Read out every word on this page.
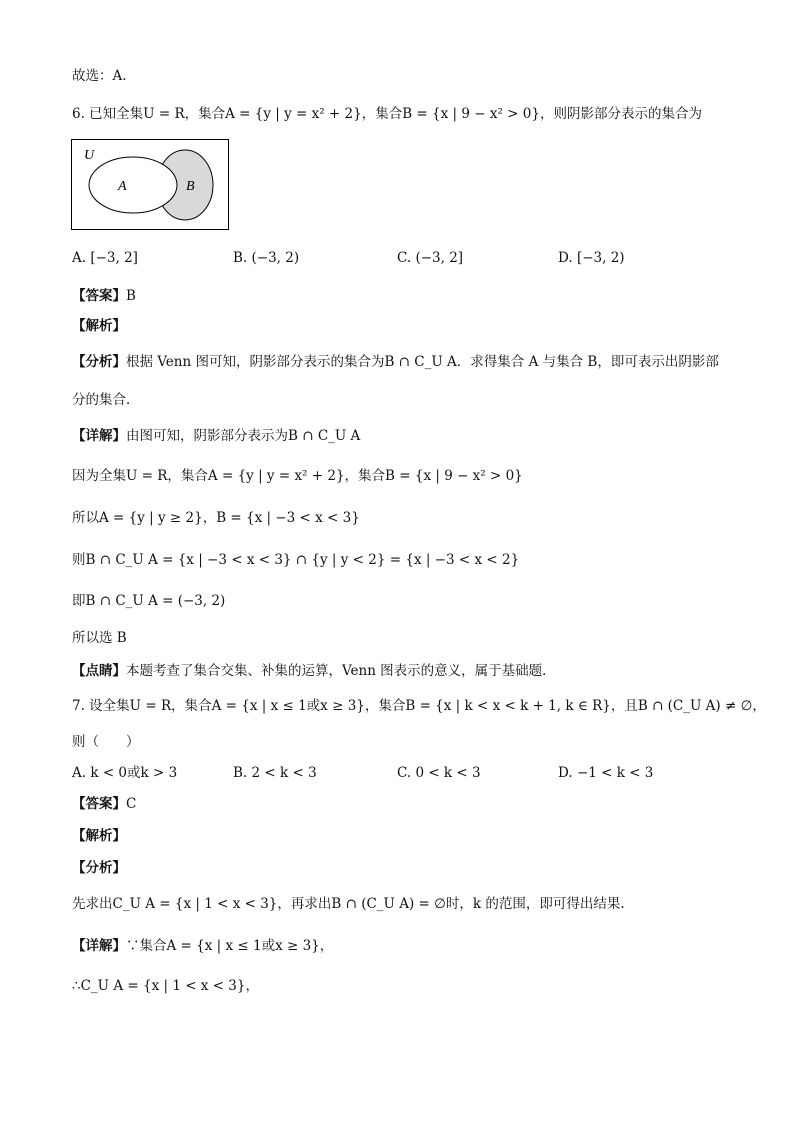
故选：A.
6. 已知全集U = R，集合A = {y | y = x² + 2}，集合B = {x | 9 − x² > 0}，则阴影部分表示的集合为
U
A	B
A. [−3, 2]	B. (−3, 2)	C. (−3, 2]	D. [−3, 2)
【答案】B
【解析】
【分析】根据 Venn 图可知，阴影部分表示的集合为B ∩ C_U A．求得集合 A 与集合 B，即可表示出阴影部
分的集合．
【详解】由图可知，阴影部分表示为B ∩ C_U A
因为全集U = R，集合A = {y | y = x² + 2}，集合B = {x | 9 − x² > 0}
所以A = {y | y ≥ 2}，B = {x | −3 < x < 3}
则B ∩ C_U A = {x | −3 < x < 3} ∩ {y | y < 2} = {x | −3 < x < 2}
即B ∩ C_U A = (−3, 2)
所以选 B
【点睛】本题考查了集合交集、补集的运算，Venn 图表示的意义，属于基础题．
7. 设全集U = R，集合A = {x | x ≤ 1或x ≥ 3}，集合B = {x | k < x < k + 1, k ∈ R}，且B ∩ (C_U A) ≠ ∅，
则（　　）
A. k < 0或k > 3	B. 2 < k < 3	C. 0 < k < 3	D. −1 < k < 3
【答案】C
【解析】
【分析】
先求出C_U A = {x | 1 < x < 3}，再求出B ∩ (C_U A) = ∅时，k 的范围，即可得出结果.
【详解】∵集合A = {x | x ≤ 1或x ≥ 3}，
∴C_U A = {x | 1 < x < 3}，
